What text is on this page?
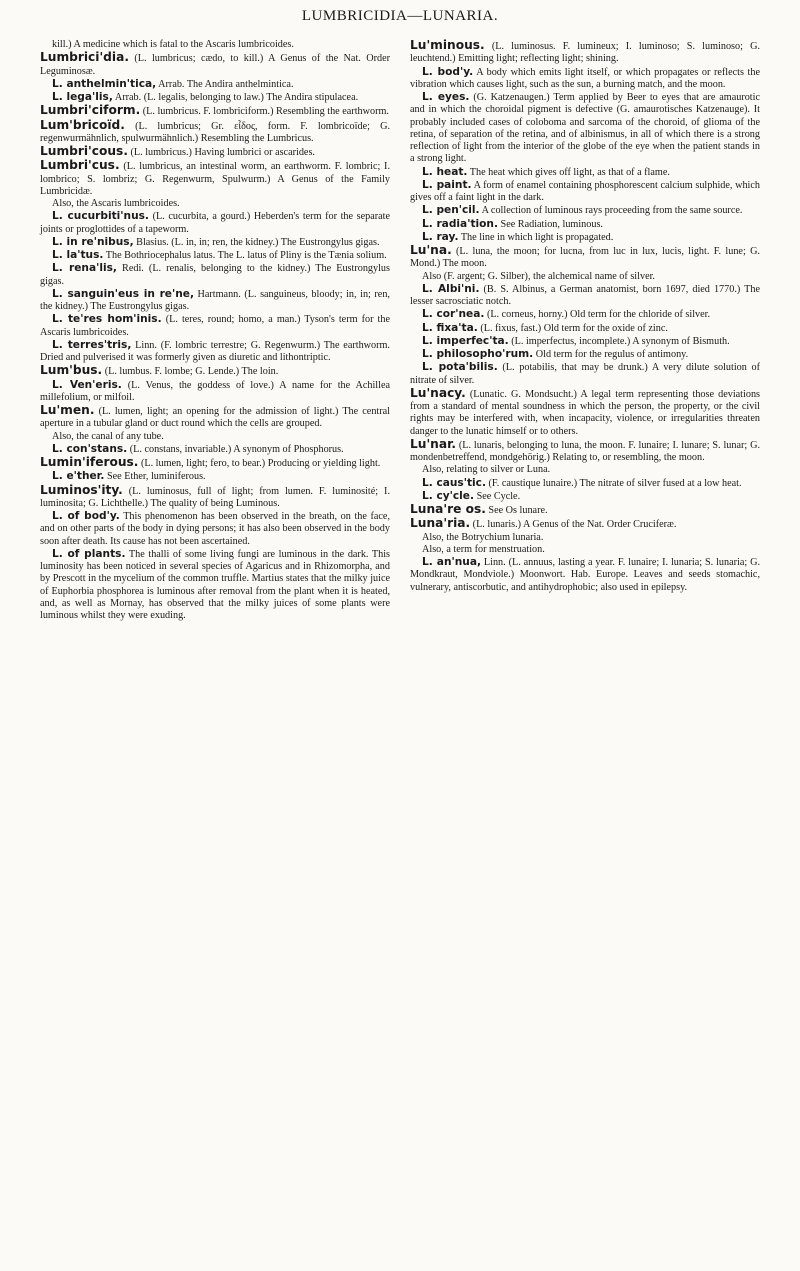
LUMBRICIDIA—LUNARIA.

kill.) A medicine which is fatal to the Ascaris lumbricoides.

Lumbrici'dia. (L. lumbricus; cædo, to kill.) A Genus of the Nat. Order Leguminosæ.

L. anthelmin'tica, Arrab. The Andira anthelmintica.

L. lega'lis, Arrab. (L. legalis, belonging to law.) The Andira stipulacea.

Lumbri'ciform. (L. lumbricus. F. lombriciform.) Resembling the earthworm.

Lum'bricoïd. (L. lumbricus; Gr. εἶδος, form. F. lombricoïde; G. regenwurmähnlich, spulwurmähnlich.) Resembling the Lumbricus.

Lumbri'cous. (L. lumbricus.) Having lumbrici or ascarides.

Lumbri'cus. (L. lumbricus, an intestinal worm, an earthworm. F. lombric; I. lombrico; S. lombriz; G. Regenwurm, Spulwurm.) A Genus of the Family Lumbricidæ.

Also, the Ascaris lumbricoides.

L. cucurbiti'nus. (L. cucurbita, a gourd.) Heberden's term for the separate joints or proglottides of a tapeworm.

L. in re'nibus, Blasius. (L. in, in; ren, the kidney.) The Eustrongylus gigas.

L. la'tus. The Bothriocephalus latus. The L. latus of Pliny is the Tænia solium.

L. rena'lis, Redi. (L. renalis, belonging to the kidney.) The Eustrongylus gigas.

L. sanguin'eus in re'ne, Hartmann. (L. sanguineus, bloody; in, in; ren, the kidney.) The Eustrongylus gigas.

L. te'res hom'inis. (L. teres, round; homo, a man.) Tyson's term for the Ascaris lumbricoides.

L. terres'tris, Linn. (F. lombric terrestre; G. Regenwurm.) The earthworm. Dried and pulverised it was formerly given as diuretic and lithontriptic.

Lum'bus. (L. lumbus. F. lombe; G. Lende.) The loin.

L. Ven'eris. (L. Venus, the goddess of love.) A name for the Achillea millefolium, or milfoil.

Lu'men. (L. lumen, light; an opening for the admission of light.) The central aperture in a tubular gland or duct round which the cells are grouped.

Also, the canal of any tube.

L. con'stans. (L. constans, invariable.) A synonym of Phosphorus.

Lumin'iferous. (L. lumen, light; fero, to bear.) Producing or yielding light.

L. e'ther. See Ether, luminiferous.

Luminos'ity. (L. luminosus, full of light; from lumen. F. luminosité; I. luminosita; G. Lichthelle.) The quality of being Luminous.

L. of bod'y. This phenomenon has been observed in the breath, on the face, and on other parts of the body in dying persons; it has also been observed in the body soon after death. Its cause has not been ascertained.

L. of plants. The thalli of some living fungi are luminous in the dark. This luminosity has been noticed in several species of Agaricus and in Rhizomorpha, and by Prescott in the mycelium of the common truffle. Martius states that the milky juice of Euphorbia phosphorea is luminous after removal from the plant when it is heated, and, as well as Mornay, has observed that the milky juices of some plants were luminous whilst they were exuding.

Lu'minous. (L. luminosus. F. lumineux; I. luminoso; S. luminoso; G. leuchtend.) Emitting light; reflecting light; shining.

L. bod'y. A body which emits light itself, or which propagates or reflects the vibration which causes light, such as the sun, a burning match, and the moon.

L. eyes. (G. Katzenaugen.) Term applied by Beer to eyes that are amaurotic and in which the choroidal pigment is defective (G. amaurotisches Katzenauge). It probably included cases of coloboma and sarcoma of the choroid, of glioma of the retina, of separation of the retina, and of albinismus, in all of which there is a strong reflection of light from the interior of the globe of the eye when the patient stands in a strong light.

L. heat. The heat which gives off light, as that of a flame.

L. paint. A form of enamel containing phosphorescent calcium sulphide, which gives off a faint light in the dark.

L. pen'cil. A collection of luminous rays proceeding from the same source.

L. radia'tion. See Radiation, luminous.

L. ray. The line in which light is propagated.

Lu'na. (L. luna, the moon; for lucna, from luc in lux, lucis, light. F. lune; G. Mond.) The moon.

Also (F. argent; G. Silber), the alchemical name of silver.

L. Albi'ni. (B. S. Albinus, a German anatomist, born 1697, died 1770.) The lesser sacrosciatic notch.

L. cor'nea. (L. corneus, horny.) Old term for the chloride of silver.

L. fixa'ta. (L. fixus, fast.) Old term for the oxide of zinc.

L. imperfec'ta. (L. imperfectus, incomplete.) A synonym of Bismuth.

L. philosopho'rum. Old term for the regulus of antimony.

L. pota'bilis. (L. potabilis, that may be drunk.) A very dilute solution of nitrate of silver.

Lu'nacy. (Lunatic. G. Mondsucht.) A legal term representing those deviations from a standard of mental soundness in which the person, the property, or the civil rights may be interfered with, when incapacity, violence, or irregularities threaten danger to the lunatic himself or to others.

Lu'nar. (L. lunaris, belonging to luna, the moon. F. lunaire; I. lunare; S. lunar; G. mondenbetreffend, mondgehörig.) Relating to, or resembling, the moon.

Also, relating to silver or Luna.

L. caus'tic. (F. caustique lunaire.) The nitrate of silver fused at a low heat.

L. cy'cle. See Cycle.

Luna're os. See Os lunare.

Luna'ria. (L. lunaris.) A Genus of the Nat. Order Cruciferæ.

Also, the Botrychium lunaria.

Also, a term for menstruation.

L. an'nua, Linn. (L. annuus, lasting a year. F. lunaire; I. lunaria; S. lunaria; G. Mondkraut, Mondviole.) Moonwort. Hab. Europe. Leaves and seeds stomachic, vulnerary, antiscorbutic, and antihydrophobic; also used in epilepsy.
